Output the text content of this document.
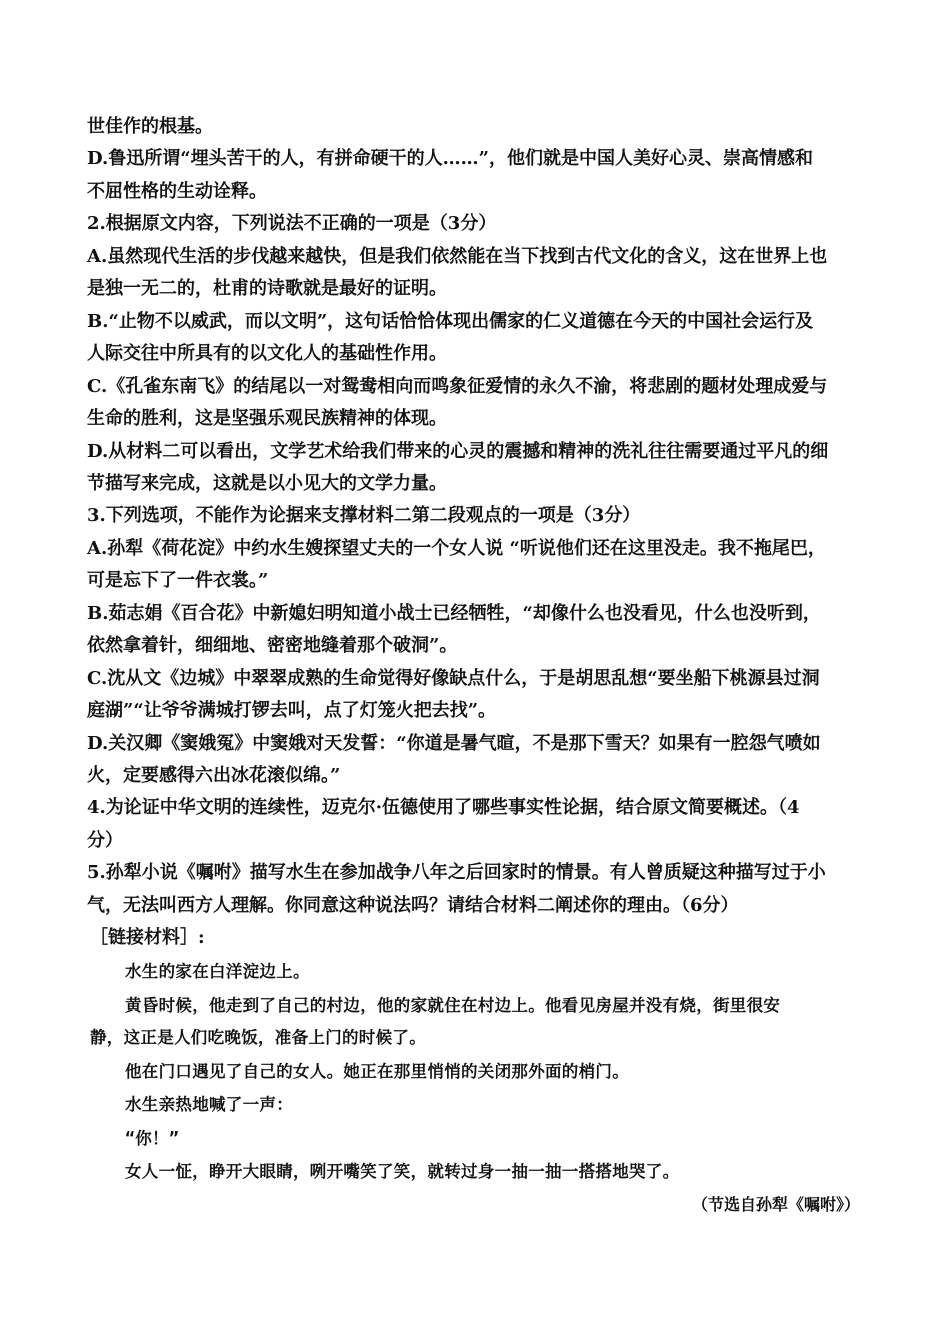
世佳作的根基。
D.鲁迅所谓“埋头苦干的人，有拼命硬干的人……”，他们就是中国人美好心灵、崇高情感和
不屈性格的生动诠释。
2.根据原文内容，下列说法不正确的一项是（3分）
A.虽然现代生活的步伐越来越快，但是我们依然能在当下找到古代文化的含义，这在世界上也
是独一无二的，杜甫的诗歌就是最好的证明。
B.“止物不以威武，而以文明”，这句话恰恰体现出儒家的仁义道德在今天的中国社会运行及
人际交往中所具有的以文化人的基础性作用。
C.《孔雀东南飞》的结尾以一对鸳鸯相向而鸣象征爱情的永久不渝，将悲剧的题材处理成爱与
生命的胜利，这是坚强乐观民族精神的体现。
D.从材料二可以看出，文学艺术给我们带来的心灵的震撼和精神的洗礼往往需要通过平凡的细
节描写来完成，这就是以小见大的文学力量。
3.下列选项，不能作为论据来支撑材料二第二段观点的一项是（3分）
A.孙犁《荷花淀》中约水生嫂探望丈夫的一个女人说 “听说他们还在这里没走。我不拖尾巴，
可是忘下了一件衣裳。”
B.茹志娟《百合花》中新媳妇明知道小战士已经牺牲，“却像什么也没看见，什么也没听到，
依然拿着针，细细地、密密地缝着那个破洞”。
C.沈从文《边城》中翠翠成熟的生命觉得好像缺点什么，于是胡思乱想“要坐船下桃源县过洞
庭湖”“让爷爷满城打锣去叫，点了灯笼火把去找”。
D.关汉卿《窦娥冤》中窦娥对天发誓：“你道是暑气暄，不是那下雪天？如果有一腔怨气喷如
火，定要感得六出冰花滚似绵。”
4.为论证中华文明的连续性，迈克尔·伍德使用了哪些事实性论据，结合原文简要概述。（4
分）
5.孙犁小说《嘱咐》描写水生在参加战争八年之后回家时的情景。有人曾质疑这种描写过于小
气，无法叫西方人理解。你同意这种说法吗？请结合材料二阐述你的理由。（6分）
［链接材料］:
水生的家在白洋淀边上。
黄昏时候，他走到了自己的村边，他的家就住在村边上。他看见房屋并没有烧，街里很安
静，这正是人们吃晚饭，准备上门的时候了。
他在门口遇见了自己的女人。她正在那里悄悄的关闭那外面的梢门。
水生亲热地喊了一声：
“你！”
女人一怔，睁开大眼睛，咧开嘴笑了笑，就转过身一抽一抽一搭搭地哭了。
（节选自孙犁《嘱咐》）
